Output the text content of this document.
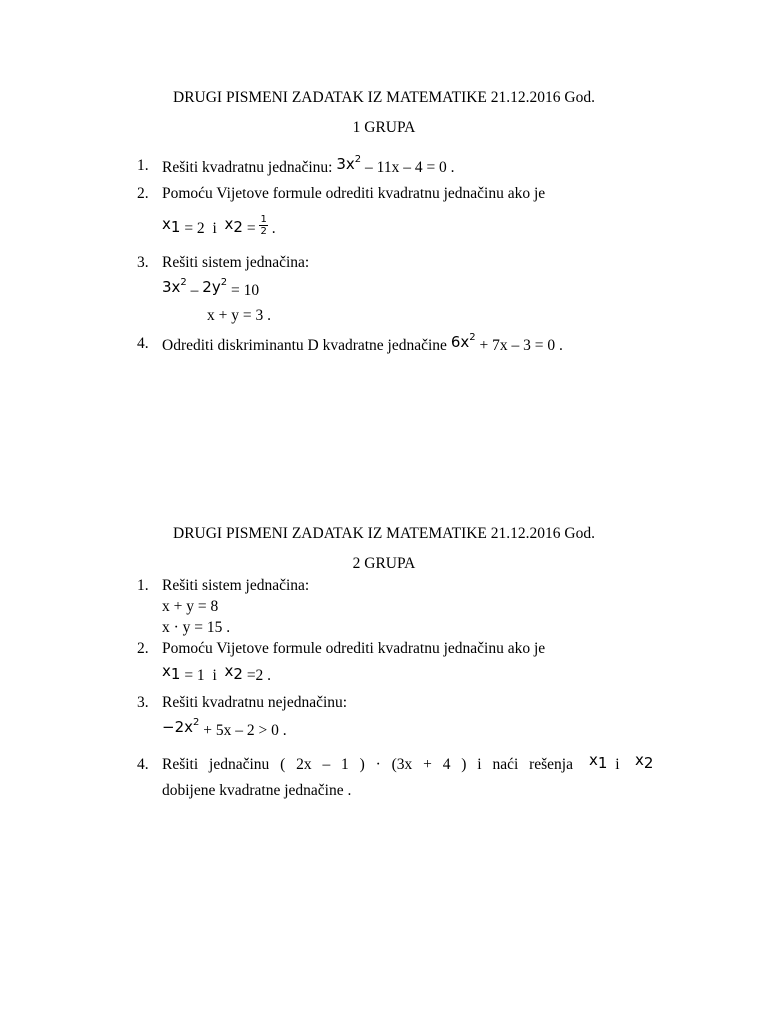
DRUGI PISMENI ZADATAK IZ MATEMATIKE 21.12.2016 God.
1 GRUPA
1. Rešiti kvadratnu jednačinu: $3x^2 - 11x - 4 = 0$ .
2. Pomoću Vijetove formule odrediti kvadratnu jednačinu ako je
x1 = 2 i $x2 = \frac{1}{2}$ .
3. Rešiti sistem jednačina:
$3x^2 - 2y^2 = 10$
x + y = 3 .
4. Odrediti diskriminantu D kvadratne jednačine $6x^2 + 7x - 3 = 0$ .
DRUGI PISMENI ZADATAK IZ MATEMATIKE 21.12.2016 God.
2 GRUPA
1. Rešiti sistem jednačina:
x + y = 8
x · y = 15 .
2. Pomoću Vijetove formule odrediti kvadratnu jednačinu ako je
x1 = 1 i x2 =2 .
3. Rešiti kvadratnu nejednačinu:
$-2x^2 + 5x - 2 > 0$ .
4. Rešiti jednačinu ( 2x – 1 ) · (3x + 4 ) i naći rešenja x1 i x2
dobijene kvadratne jednačine .
